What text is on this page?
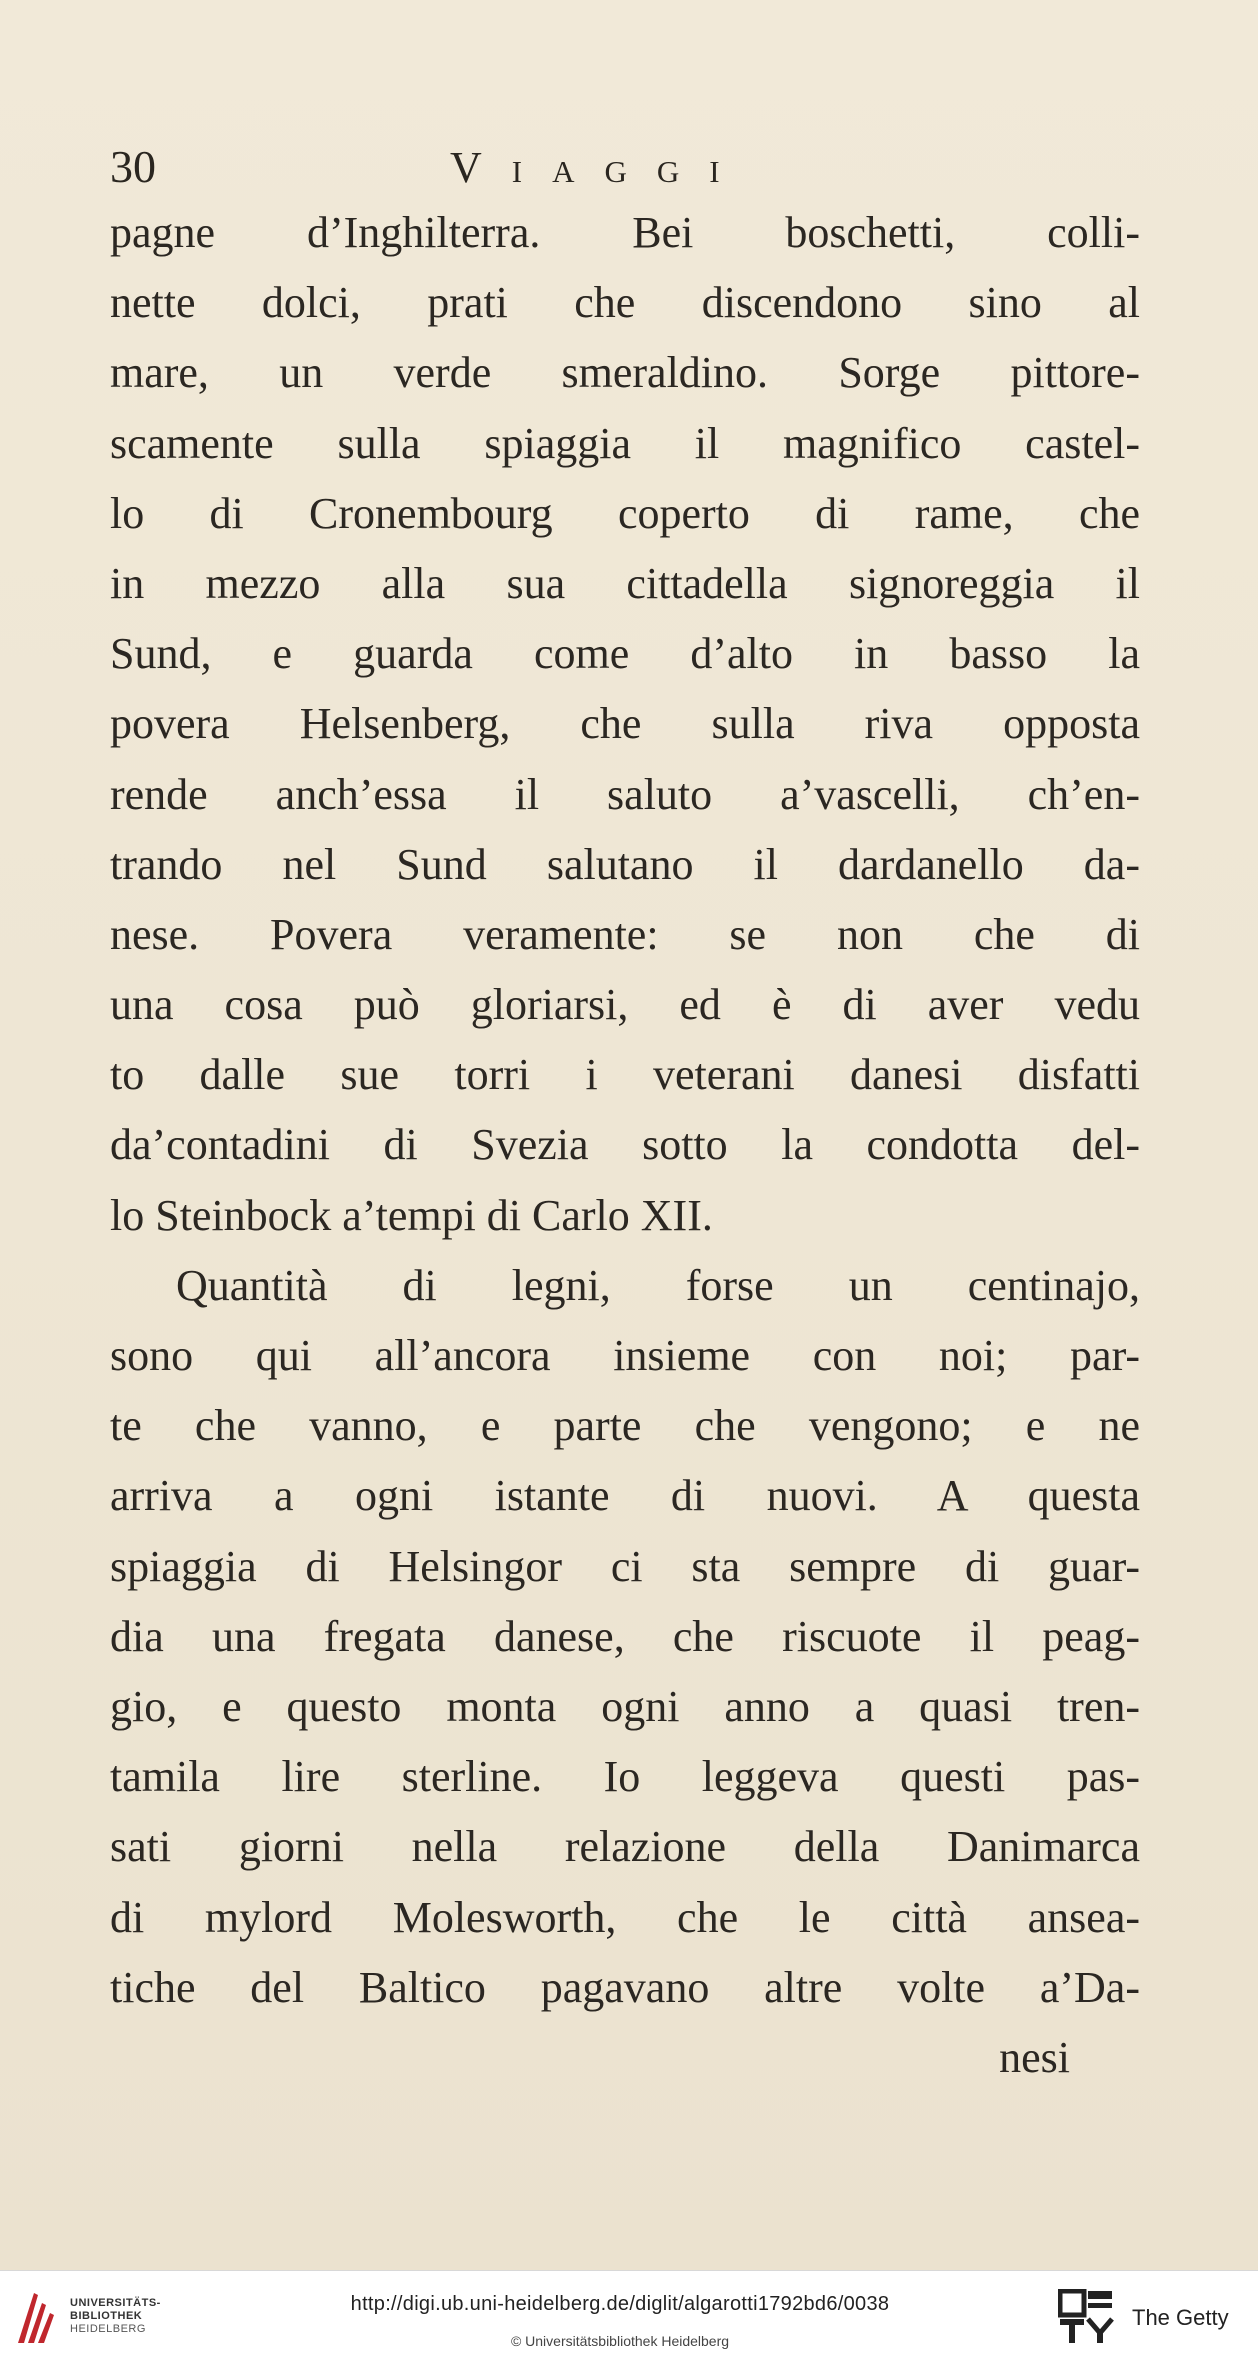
30	Viaggi
pagne d’Inghilterra. Bei boschetti, colli-
nette dolci, prati che discendono sino al
mare, un verde smeraldino. Sorge pittore-
scamente sulla spiaggia il magnifico castel-
lo di Cronembourg coperto di rame, che
in mezzo alla sua cittadella signoreggia il
Sund, e guarda come d’alto in basso la
povera Helsenberg, che sulla riva opposta
rende anch’essa il saluto a’vascelli, ch’en-
trando nel Sund salutano il dardanello da-
nese. Povera veramente: se non che di
una cosa può gloriarsi, ed è di aver vedu
to dalle sue torri i veterani danesi disfatti
da’contadini di Svezia sotto la condotta del-
lo Steinbock a’tempi di Carlo XII.
Quantità di legni, forse un centinajo,
sono qui all’ancora insieme con noi; par-
te che vanno, e parte che vengono; e ne
arriva a ogni istante di nuovi. A questa
spiaggia di Helsingor ci sta sempre di guar-
dia una fregata danese, che riscuote il peag-
gio, e questo monta ogni anno a quasi tren-
tamila lire sterline. Io leggeva questi pas-
sati giorni nella relazione della Danimarca
di mylord Molesworth, che le città ansea-
tiche del Baltico pagavano altre volte a’Da-
nesi
UNIVERSITÄTS-
BIBLIOTHEK
HEIDELBERG
http://digi.ub.uni-heidelberg.de/diglit/algarotti1792bd6/0038
© Universitätsbibliothek Heidelberg
The Getty
